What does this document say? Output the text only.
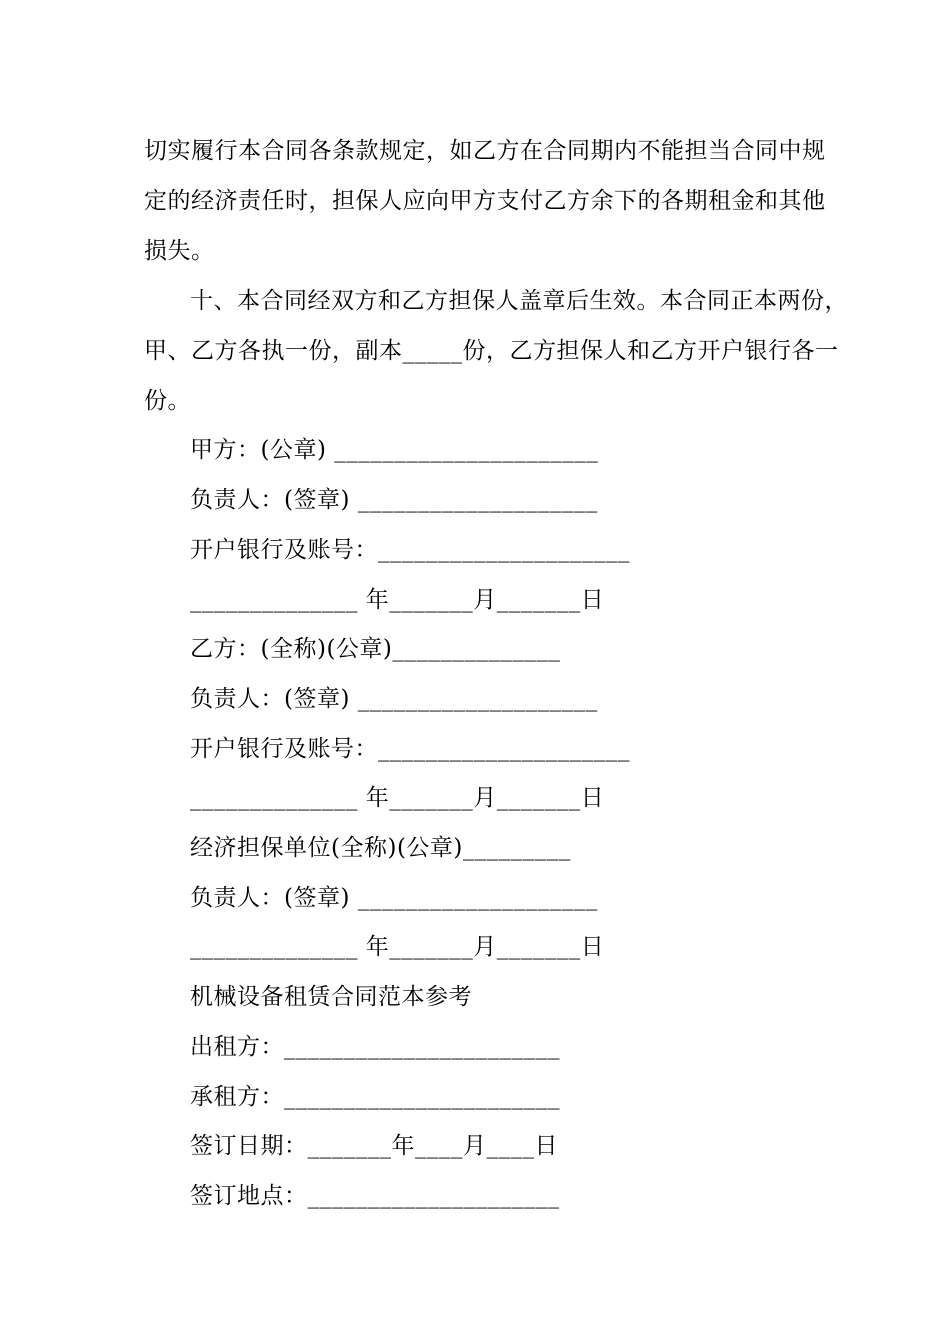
切实履行本合同各条款规定，如乙方在合同期内不能担当合同中规
定的经济责任时，担保人应向甲方支付乙方余下的各期租金和其他
损失。
十、本合同经双方和乙方担保人盖章后生效。本合同正本两份，
甲、乙方各执一份，副本_____份，乙方担保人和乙方开户银行各一
份。
甲方：(公章) ______________________
负责人：(签章) ____________________
开户银行及账号：_____________________
______________ 年_______月_______日
乙方：(全称)(公章)______________
负责人：(签章) ____________________
开户银行及账号：_____________________
______________ 年_______月_______日
经济担保单位(全称)(公章)_________
负责人：(签章) ____________________
______________ 年_______月_______日
机械设备租赁合同范本参考
出租方：_______________________
承租方：_______________________
签订日期：_______年____月____日
签订地点：_____________________
